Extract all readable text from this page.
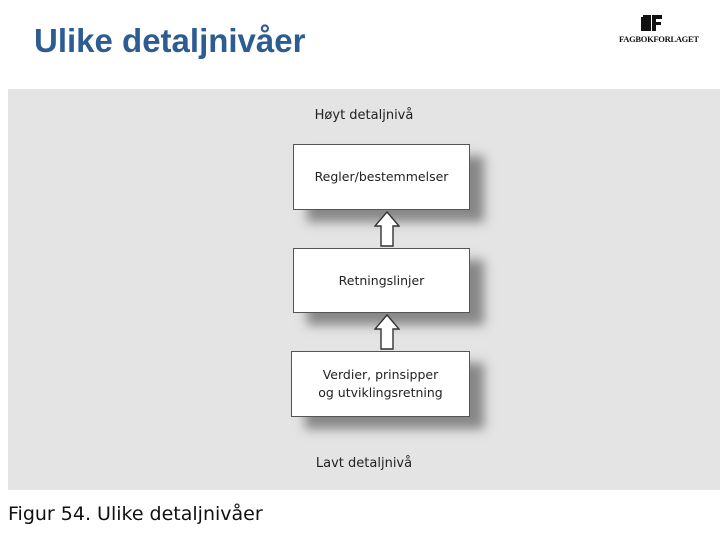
Ulike detaljnivåer	FAGBOKFORLAGET
Høyt detaljnivå
Regler/bestemmelser
Retningslinjer
Verdier, prinsipper
og utviklingsretning
Lavt detaljnivå
Figur 54. Ulike detaljnivåer
